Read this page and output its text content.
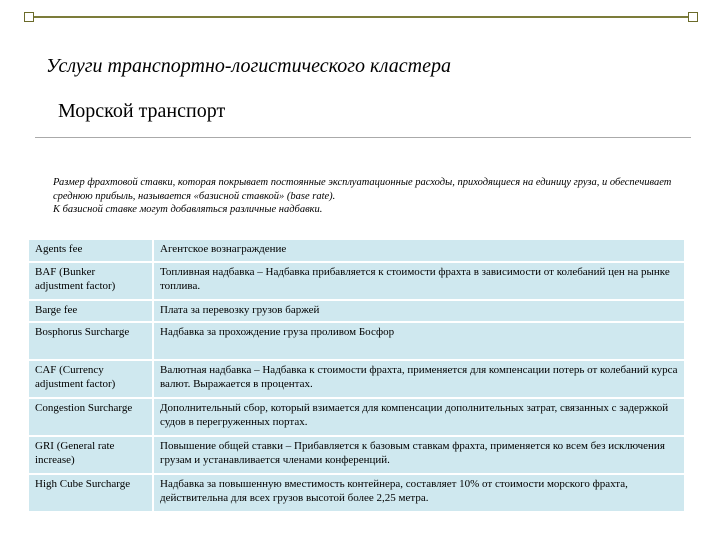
Услуги транспортно-логистического кластера
Морской транспорт

Размер фрахтовой ставки, которая покрывает постоянные эксплуатационные расходы, приходящиеся на единицу груза, и обеспечивает среднюю прибыль, называется «базисной ставкой» (base rate).

К базисной ставке могут добавляться различные надбавки.

Agents fee	Агентское вознаграждение
BAF (Bunker adjustment factor)	Топливная надбавка – Надбавка прибавляется к стоимости фрахта в зависимости от колебаний цен на рынке топлива.
Barge fee	Плата за перевозку грузов баржей
Bosphorus Surcharge	Надбавка за прохождение груза проливом Босфор
CAF (Currency adjustment factor)	Валютная надбавка – Надбавка к стоимости фрахта, применяется для компенсации потерь от колебаний курса валют. Выражается в процентах.
Congestion Surcharge	Дополнительный сбор, который взимается для компенсации дополнительных затрат, связанных с задержкой судов в перегруженных портах.
GRI (General rate increase)	Повышение общей ставки – Прибавляется к базовым ставкам фрахта, применяется ко всем без исключения грузам и устанавливается членами конференций.
High Cube Surcharge	Надбавка за повышенную вместимость контейнера, составляет 10% от стоимости морского фрахта, действительна для всех грузов высотой более 2,25 метра.
